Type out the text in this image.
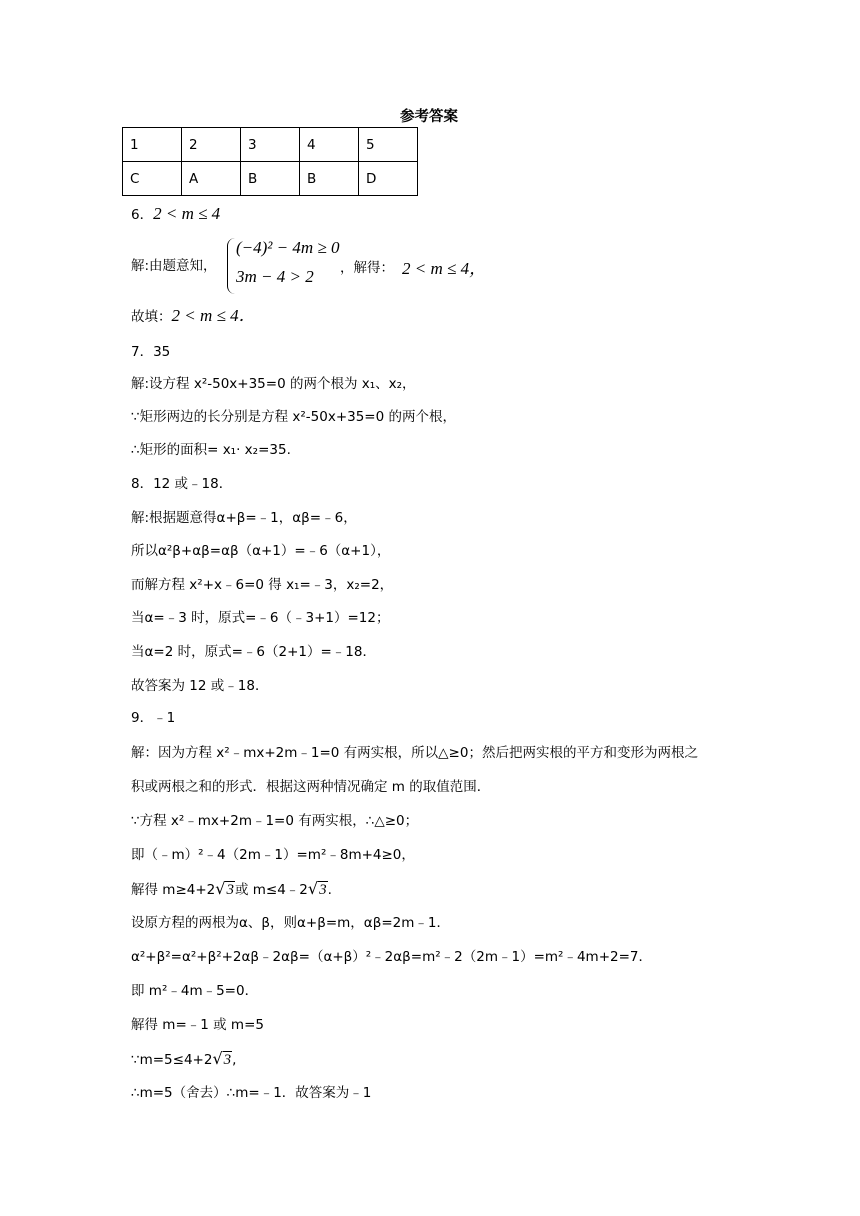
参考答案
1	2	3	4	5
C	A	B	B	D
6．2 < m ≤ 4
解:由题意知，
(−4)² − 4m ≥ 0
3m − 4 > 2 ，解得： 2 < m ≤ 4，
故填：2 < m ≤ 4．
7．35
解:设方程 x²-50x+35=0 的两个根为 x₁、x₂，
∵矩形两边的长分别是方程 x²-50x+35=0 的两个根，
∴矩形的面积= x₁· x₂=35.
8．12 或﹣18．
解:根据题意得α+β=﹣1，αβ=﹣6，
所以α²β+αβ=αβ（α+1）=﹣6（α+1），
而解方程 x²+x﹣6=0 得 x₁=﹣3，x₂=2，
当α=﹣3 时，原式=﹣6（﹣3+1）=12；
当α=2 时，原式=﹣6（2+1）=﹣18．
故答案为 12 或﹣18．
9．﹣1
解：因为方程 x²﹣mx+2m﹣1=0 有两实根，所以△≥0；然后把两实根的平方和变形为两根之
积或两根之和的形式．根据这两种情况确定 m 的取值范围．
∵方程 x²﹣mx+2m﹣1=0 有两实根，∴△≥0；
即（﹣m）²﹣4（2m﹣1）=m²﹣8m+4≥0，
解得 m≥4+2√3或 m≤4﹣2√3.
设原方程的两根为α、β，则α+β=m，αβ=2m﹣1．
α²+β²=α²+β²+2αβ﹣2αβ=（α+β）²﹣2αβ=m²﹣2（2m﹣1）=m²﹣4m+2=7．
即 m²﹣4m﹣5=0．
解得 m=﹣1 或 m=5
∵m=5≤4+2√3,
∴m=5（舍去）∴m=﹣1．故答案为﹣1
